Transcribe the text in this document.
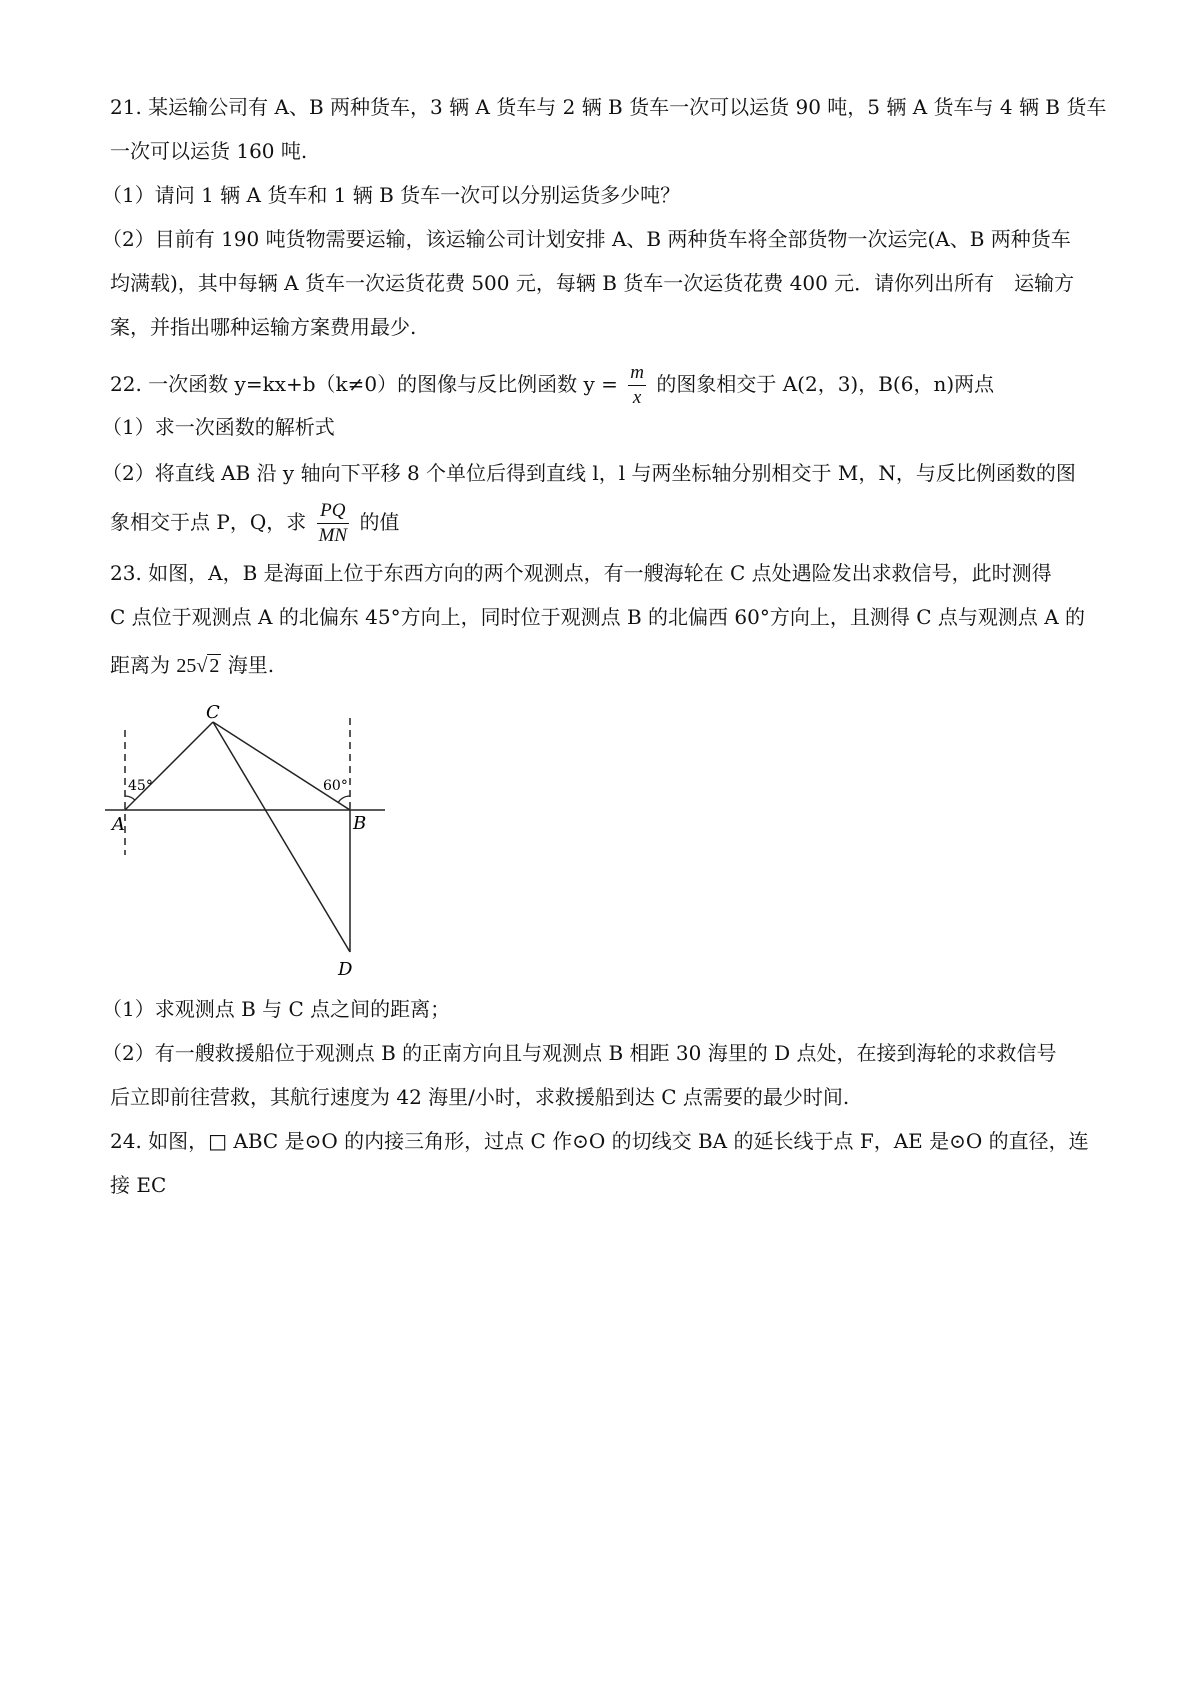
21. 某运输公司有 A、B 两种货车，3 辆 A 货车与 2 辆 B 货车一次可以运货 90 吨，5 辆 A 货车与 4 辆 B 货车
一次可以运货 160 吨.
（1）请问 1 辆 A 货车和 1 辆 B 货车一次可以分别运货多少吨？
（2）目前有 190 吨货物需要运输，该运输公司计划安排 A、B 两种货车将全部货物一次运完(A、B 两种货车
均满载)，其中每辆 A 货车一次运货花费 500 元，每辆 B 货车一次运货花费 400 元．请你列出所有　运输方
案，并指出哪种运输方案费用最少.
22. 一次函数 y=kx+b（k≠0）的图像与反比例函数 $y = \frac{m}{x}$ 的图象相交于 A(2，3)，B(6，n)两点
（1）求一次函数的解析式
（2）将直线 AB 沿 y 轴向下平移 8 个单位后得到直线 l，l 与两坐标轴分别相交于 M，N，与反比例函数的图
象相交于点 P，Q，求 $\frac{PQ}{MN}$ 的值
23. 如图，A，B 是海面上位于东西方向的两个观测点，有一艘海轮在 C 点处遇险发出求救信号，此时测得
C 点位于观测点 A 的北偏东 45°方向上，同时位于观测点 B 的北偏西 60°方向上，且测得 C 点与观测点 A 的
距离为 25√ 2 海里.
C
A	B
D
45°	60°
（1）求观测点 B 与 C 点之间的距离；
（2）有一艘救援船位于观测点 B 的正南方向且与观测点 B 相距 30 海里的 D 点处，在接到海轮的求救信号
后立即前往营救，其航行速度为 42 海里/小时，求救援船到达 C 点需要的最少时间.
24. 如图，□ ABC 是⊙O 的内接三角形，过点 C 作⊙O 的切线交 BA 的延长线于点 F，AE 是⊙O 的直径，连
接 EC
